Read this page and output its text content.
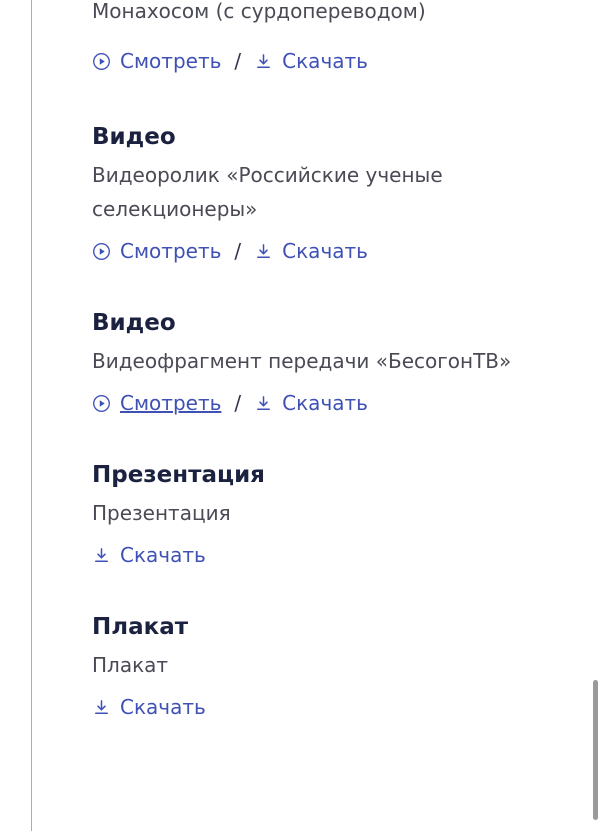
Монахосом (с сурдопереводом)

Смотреть / Скачать
Видео

Видеоролик «Российские ученые селекционеры»

Смотреть / Скачать
Видео

Видеофрагмент передачи «БесогонТВ»

Смотреть / Скачать
Презентация

Презентация

Скачать
Плакат

Плакат

Скачать
